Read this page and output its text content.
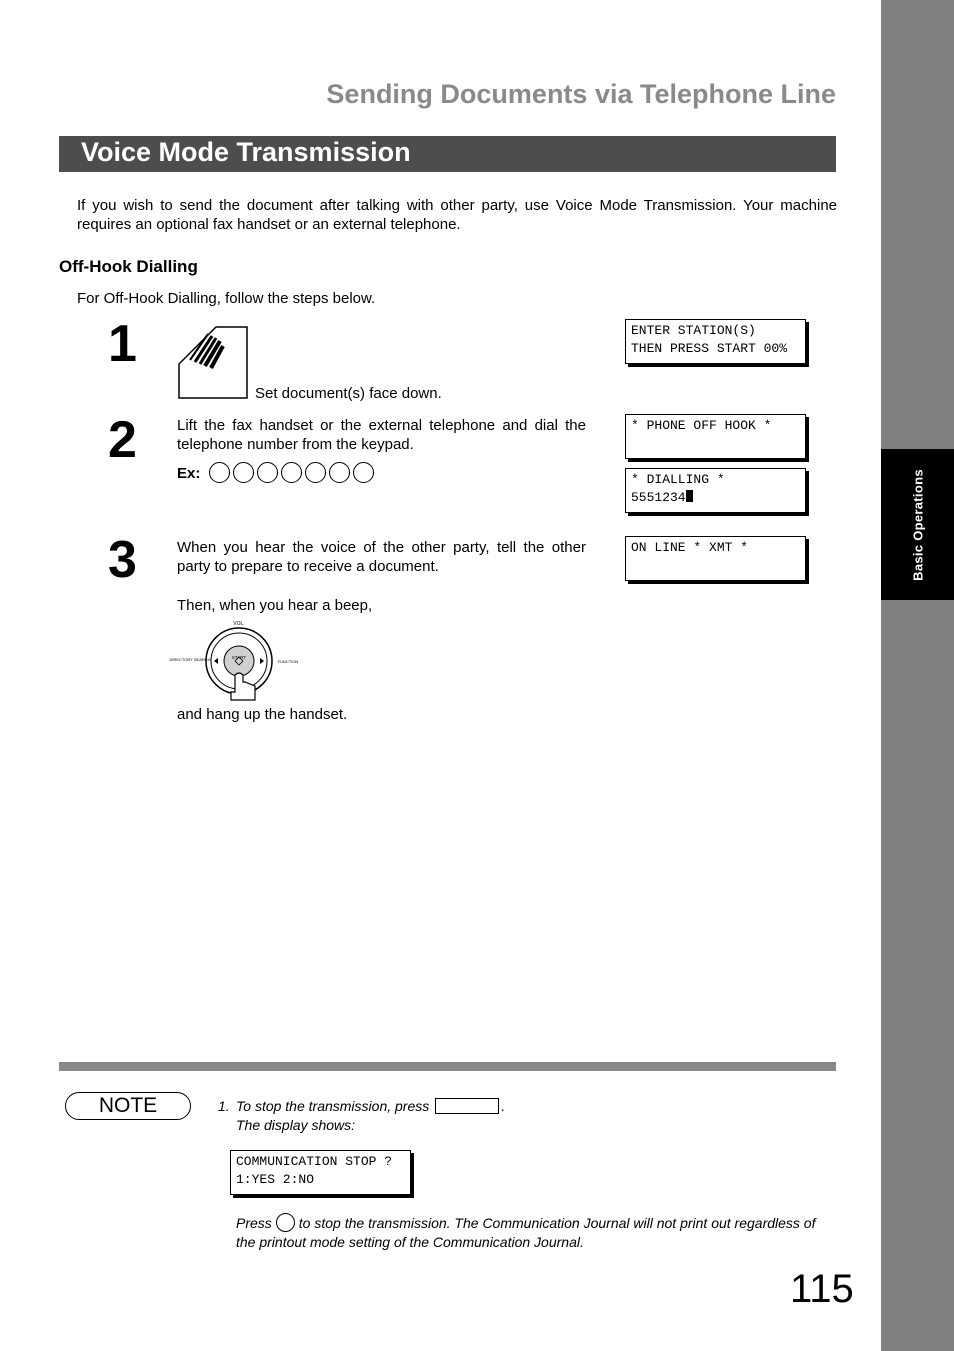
Basic Operations
Sending Documents via Telephone Line
Voice Mode Transmission
If you wish to send the document after talking with other party, use Voice Mode Transmission. Your machine requires an optional fax handset or an external telephone.
Off-Hook Dialling
For Off-Hook Dialling, follow the steps below.
1
Set document(s) face down.
ENTER STATION(S)
THEN PRESS START 00%
2	Lift the fax handset or the external telephone and dial the telephone number from the keypad.
Ex:
* PHONE OFF HOOK *

* DIALLING *
5551234
3	When you hear the voice of the other party, tell the other party to prepare to receive a document.
Then, when you hear a beep,
VOL.
START
DIRECTORY SEARCH	FUNCTION
and hang up the handset.
ON LINE * XMT *

NOTE	1. To stop the transmission, press	.
The display shows:
COMMUNICATION STOP ?
1:YES 2:NO
Press to stop the transmission. The Communication Journal will not print out regardless of the printout mode setting of the Communication Journal.
115
